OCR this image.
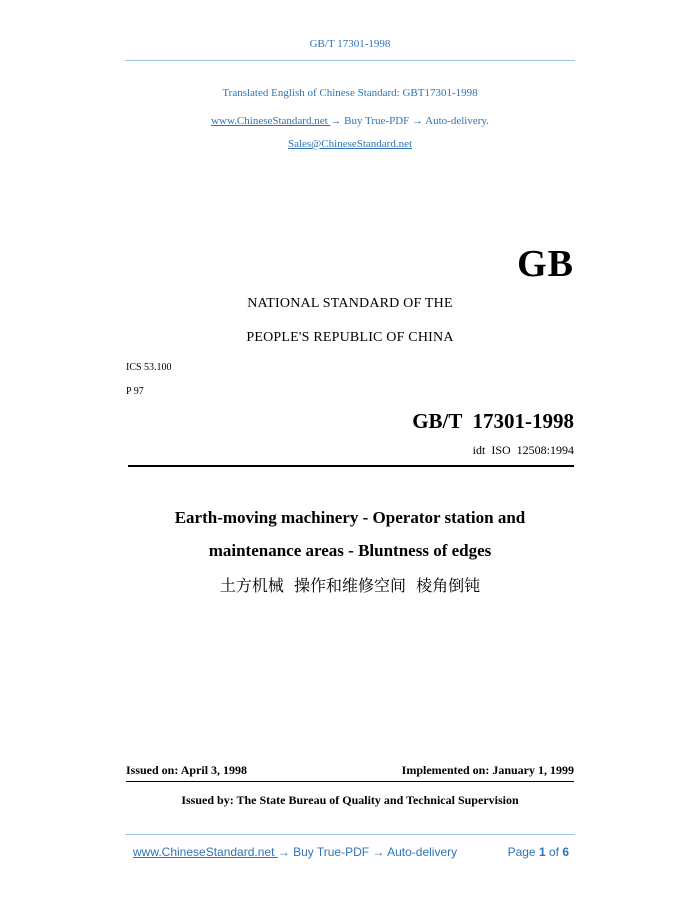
GB/T 17301-1998
Translated English of Chinese Standard: GBT17301-1998
www.ChineseStandard.net → Buy True-PDF → Auto-delivery.
Sales@ChineseStandard.net
GB
NATIONAL STANDARD OF THE
PEOPLE'S REPUBLIC OF CHINA
ICS 53.100
P 97
GB/T  17301-1998
idt  ISO  12508:1994
Earth-moving machinery - Operator station and
maintenance areas - Bluntness of edges
土方机械  操作和维修空间  棱角倒钝
Issued on: April 3, 1998	Implemented on: January 1, 1999
Issued by: The State Bureau of Quality and Technical Supervision
www.ChineseStandard.net → Buy True-PDF → Auto-delivery	Page 1 of 6
